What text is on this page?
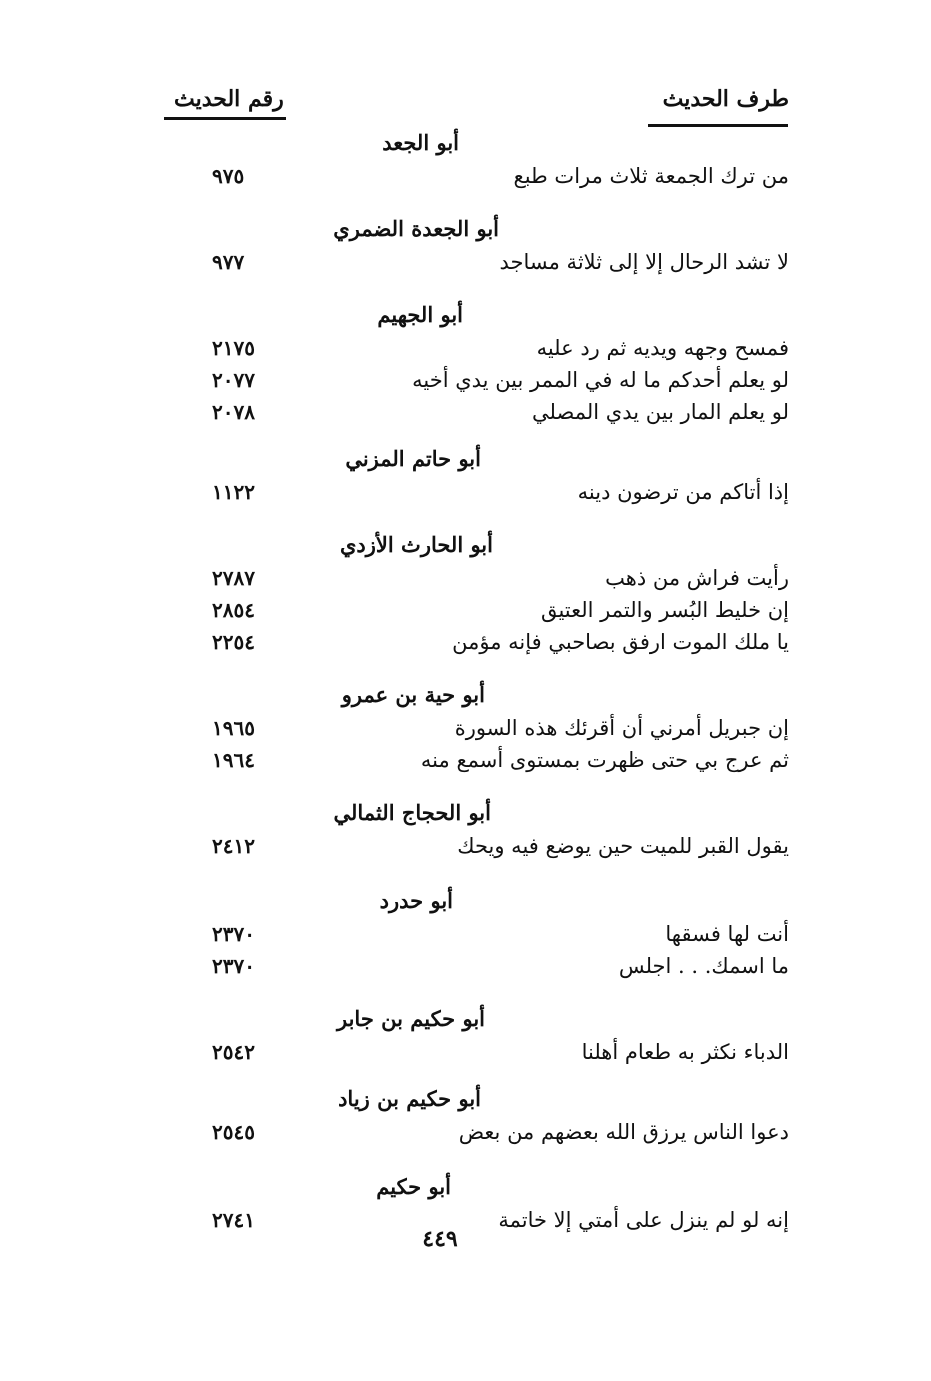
طرف الحديث
رقم الحديث
أبو الجعد
من ترك الجمعة ثلاث مرات طبع
٩٧٥
أبو الجعدة الضمري
لا تشد الرحال إلا إلى ثلاثة مساجد
٩٧٧
أبو الجهيم
فمسح وجهه ويديه ثم رد عليه
٢١٧٥
لو يعلم أحدكم ما له في الممر بين يدي أخيه
٢٠٧٧
لو يعلم المار بين يدي المصلي
٢٠٧٨
أبو حاتم المزني
إذا أتاكم من ترضون دينه
١١٢٢
أبو الحارث الأزدي
رأيت فراش من ذهب
٢٧٨٧
إن خليط البُسر والتمر العتيق
٢٨٥٤
يا ملك الموت ارفق بصاحبي فإنه مؤمن
٢٢٥٤
أبو حية بن عمرو
إن جبريل أمرني أن أقرئك هذه السورة
١٩٦٥
ثم عرج بي حتى ظهرت بمستوى أسمع منه
١٩٦٤
أبو الحجاج الثمالي
يقول القبر للميت حين يوضع فيه ويحك
٢٤١٢
أبو حدرد
أنت لها فسقها
٢٣٧٠
ما اسمك. . . اجلس
٢٣٧٠
أبو حكيم بن جابر
الدباء نكثر به طعام أهلنا
٢٥٤٢
أبو حكيم بن زياد
دعوا الناس يرزق الله بعضهم من بعض
٢٥٤٥
أبو حكيم
إنه لو لم ينزل على أمتي إلا خاتمة
٢٧٤١
٤٤٩
